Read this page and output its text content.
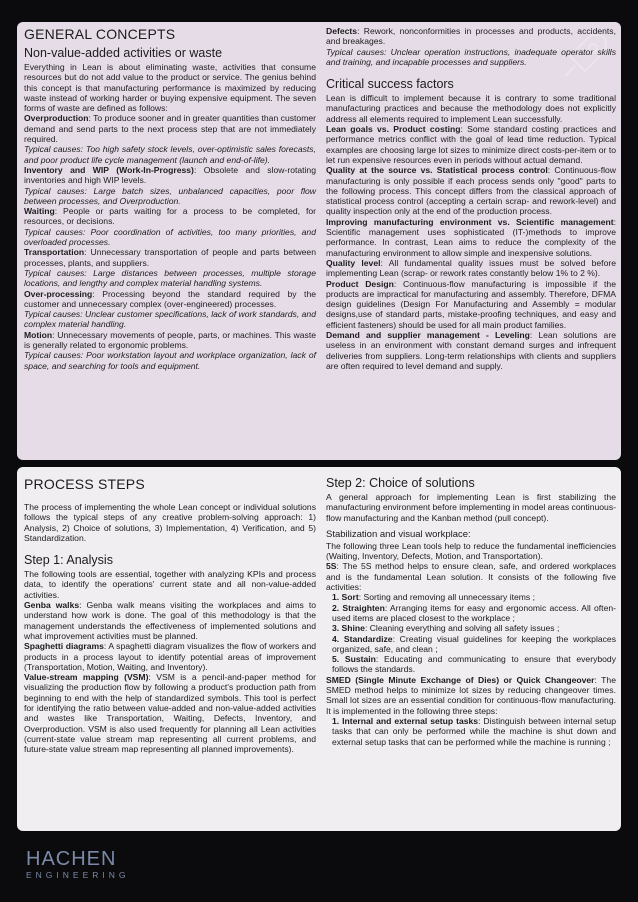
GENERAL CONCEPTS
Non-value-added activities or waste

Everything in Lean is about eliminating waste, activities that consume resources but do not add value to the product or service. The genius behind this concept is that manufacturing performance is maximized by reducing waste instead of working harder or buying expensive equipment. The seven forms of waste are defined as follows:

Overproduction: To produce sooner and in greater quantities than customer demand and send parts to the next process step that are not immediately required.

Typical causes: Too high safety stock levels, over-optimistic sales forecasts, and poor product life cycle management (launch and end-of-life).

Inventory and WIP (Work-In-Progress): Obsolete and slow-rotating inventories and high WIP levels.

Typical causes: Large batch sizes, unbalanced capacities, poor flow between processes, and Overproduction.

Waiting: People or parts waiting for a process to be completed, for resources, or decisions.

Typical causes: Poor coordination of activities, too many priorities, and overloaded processes.

Transportation: Unnecessary transportation of people and parts between processes, plants, and suppliers.

Typical causes: Large distances between processes, multiple storage locations, and lengthy and complex material handling systems.

Over-processing: Processing beyond the standard required by the customer and unnecessary complex (over-engineered) processes.

Typical causes: Unclear customer specifications, lack of work standards, and complex material handling.

Motion: Unnecessary movements of people, parts, or machines. This waste is generally related to ergonomic problems.

Typical causes: Poor workstation layout and workplace organization, lack of space, and searching for tools and equipment.

Defects: Rework, nonconformities in processes and products, accidents, and breakages.

Typical causes: Unclear operation instructions, inadequate operator skills and training, and incapable processes and suppliers.

Critical success factors

Lean is difficult to implement because it is contrary to some traditional manufacturing practices and because the methodology does not explicitly address all elements required to implement Lean successfully.

Lean goals vs. Product costing: Some standard costing practices and performance metrics conflict with the goal of lead time reduction. Typical examples are choosing large lot sizes to minimize direct costs-per-item or to let run expensive resources even in periods without actual demand.

Quality at the source vs. Statistical process control: Continuous-flow manufacturing is only possible if each process sends only "good" parts to the following process. This concept differs from the classical approach of statistical process control (accepting a certain scrap- and rework-level) and quality inspection only at the end of the production process.

Improving manufacturing environment vs. Scientific management: Scientific management uses sophisticated (IT-)methods to improve performance. In contrast, Lean aims to reduce the complexity of the manufacturing environment to allow simple and inexpensive solutions.

Quality level: All fundamental quality issues must be solved before implementing Lean (scrap- or rework rates constantly below 1% to 2 %).

Product Design: Continuous-flow manufacturing is impossible if the products are impractical for manufacturing and assembly. Therefore, DFMA design guidelines (Design For Manufacturing and Assembly = modular designs,use of standard parts, mistake-proofing techniques, and easy and efficient fasteners) should be used for all main product families.

Demand and supplier management - Leveling: Lean solutions are useless in an environment with constant demand surges and infrequent deliveries from suppliers. Long-term relationships with clients and suppliers are often required to level demand and supply.

PROCESS STEPS

The process of implementing the whole Lean concept or individual solutions follows the typical steps of any creative problem-solving approach: 1) Analysis, 2) Choice of solutions, 3) Implementation, 4) Verification, and 5) Standardization.

Step 1: Analysis

The following tools are essential, together with analyzing KPIs and process data, to identify the operations' current state and all non-value-added activities.

Genba walks: Genba walk means visiting the workplaces and aims to understand how work is done. The goal of this methodology is that the management understands the effectiveness of implemented solutions and what improvement activities must be planned.

Spaghetti diagrams: A spaghetti diagram visualizes the flow of workers and products in a process layout to identify potential areas of improvement (Transportation, Motion, Waiting, and Inventory).

Value-stream mapping (VSM): VSM is a pencil-and-paper method for visualizing the production flow by following a product's production path from beginning to end with the help of standardized symbols. This tool is perfect for identifying the ratio between value-added and non-value-added activities and wastes like Transportation, Waiting, Defects, Inventory, and Overproduction. VSM is also used frequently for planning all Lean activities (current-state value stream map representing all current problems, and future-state value stream map representing all planned improvements).

Step 2: Choice of solutions

A general approach for implementing Lean is first stabilizing the manufacturing environment before implementing in model areas continuous-flow manufacturing and the Kanban method (pull concept).

Stabilization and visual workplace:

The following three Lean tools help to reduce the fundamental inefficiencies (Waiting, Inventory, Defects, Motion, and Transportation).

5S: The 5S method helps to ensure clean, safe, and ordered workplaces and is the fundamental Lean solution. It consists of the following five activities:

1. Sort: Sorting and removing all unnecessary items ;
2. Straighten: Arranging items for easy and ergonomic access. All often-used items are placed closest to the workplace ;
3. Shine: Cleaning everything and solving all safety issues ;
4. Standardize: Creating visual guidelines for keeping the workplaces organized, safe, and clean ;
5. Sustain: Educating and communicating to ensure that everybody follows the standards.

SMED (Single Minute Exchange of Dies) or Quick Changeover: The SMED method helps to minimize lot sizes by reducing changeover times. Small lot sizes are an essential condition for continuous-flow manufacturing. It is implemented in the following three steps:

1. Internal and external setup tasks: Distinguish between internal setup tasks that can only be performed while the machine is shut down and external setup tasks that can be performed while the machine is running ;
HACHEN
ENGINEERING
